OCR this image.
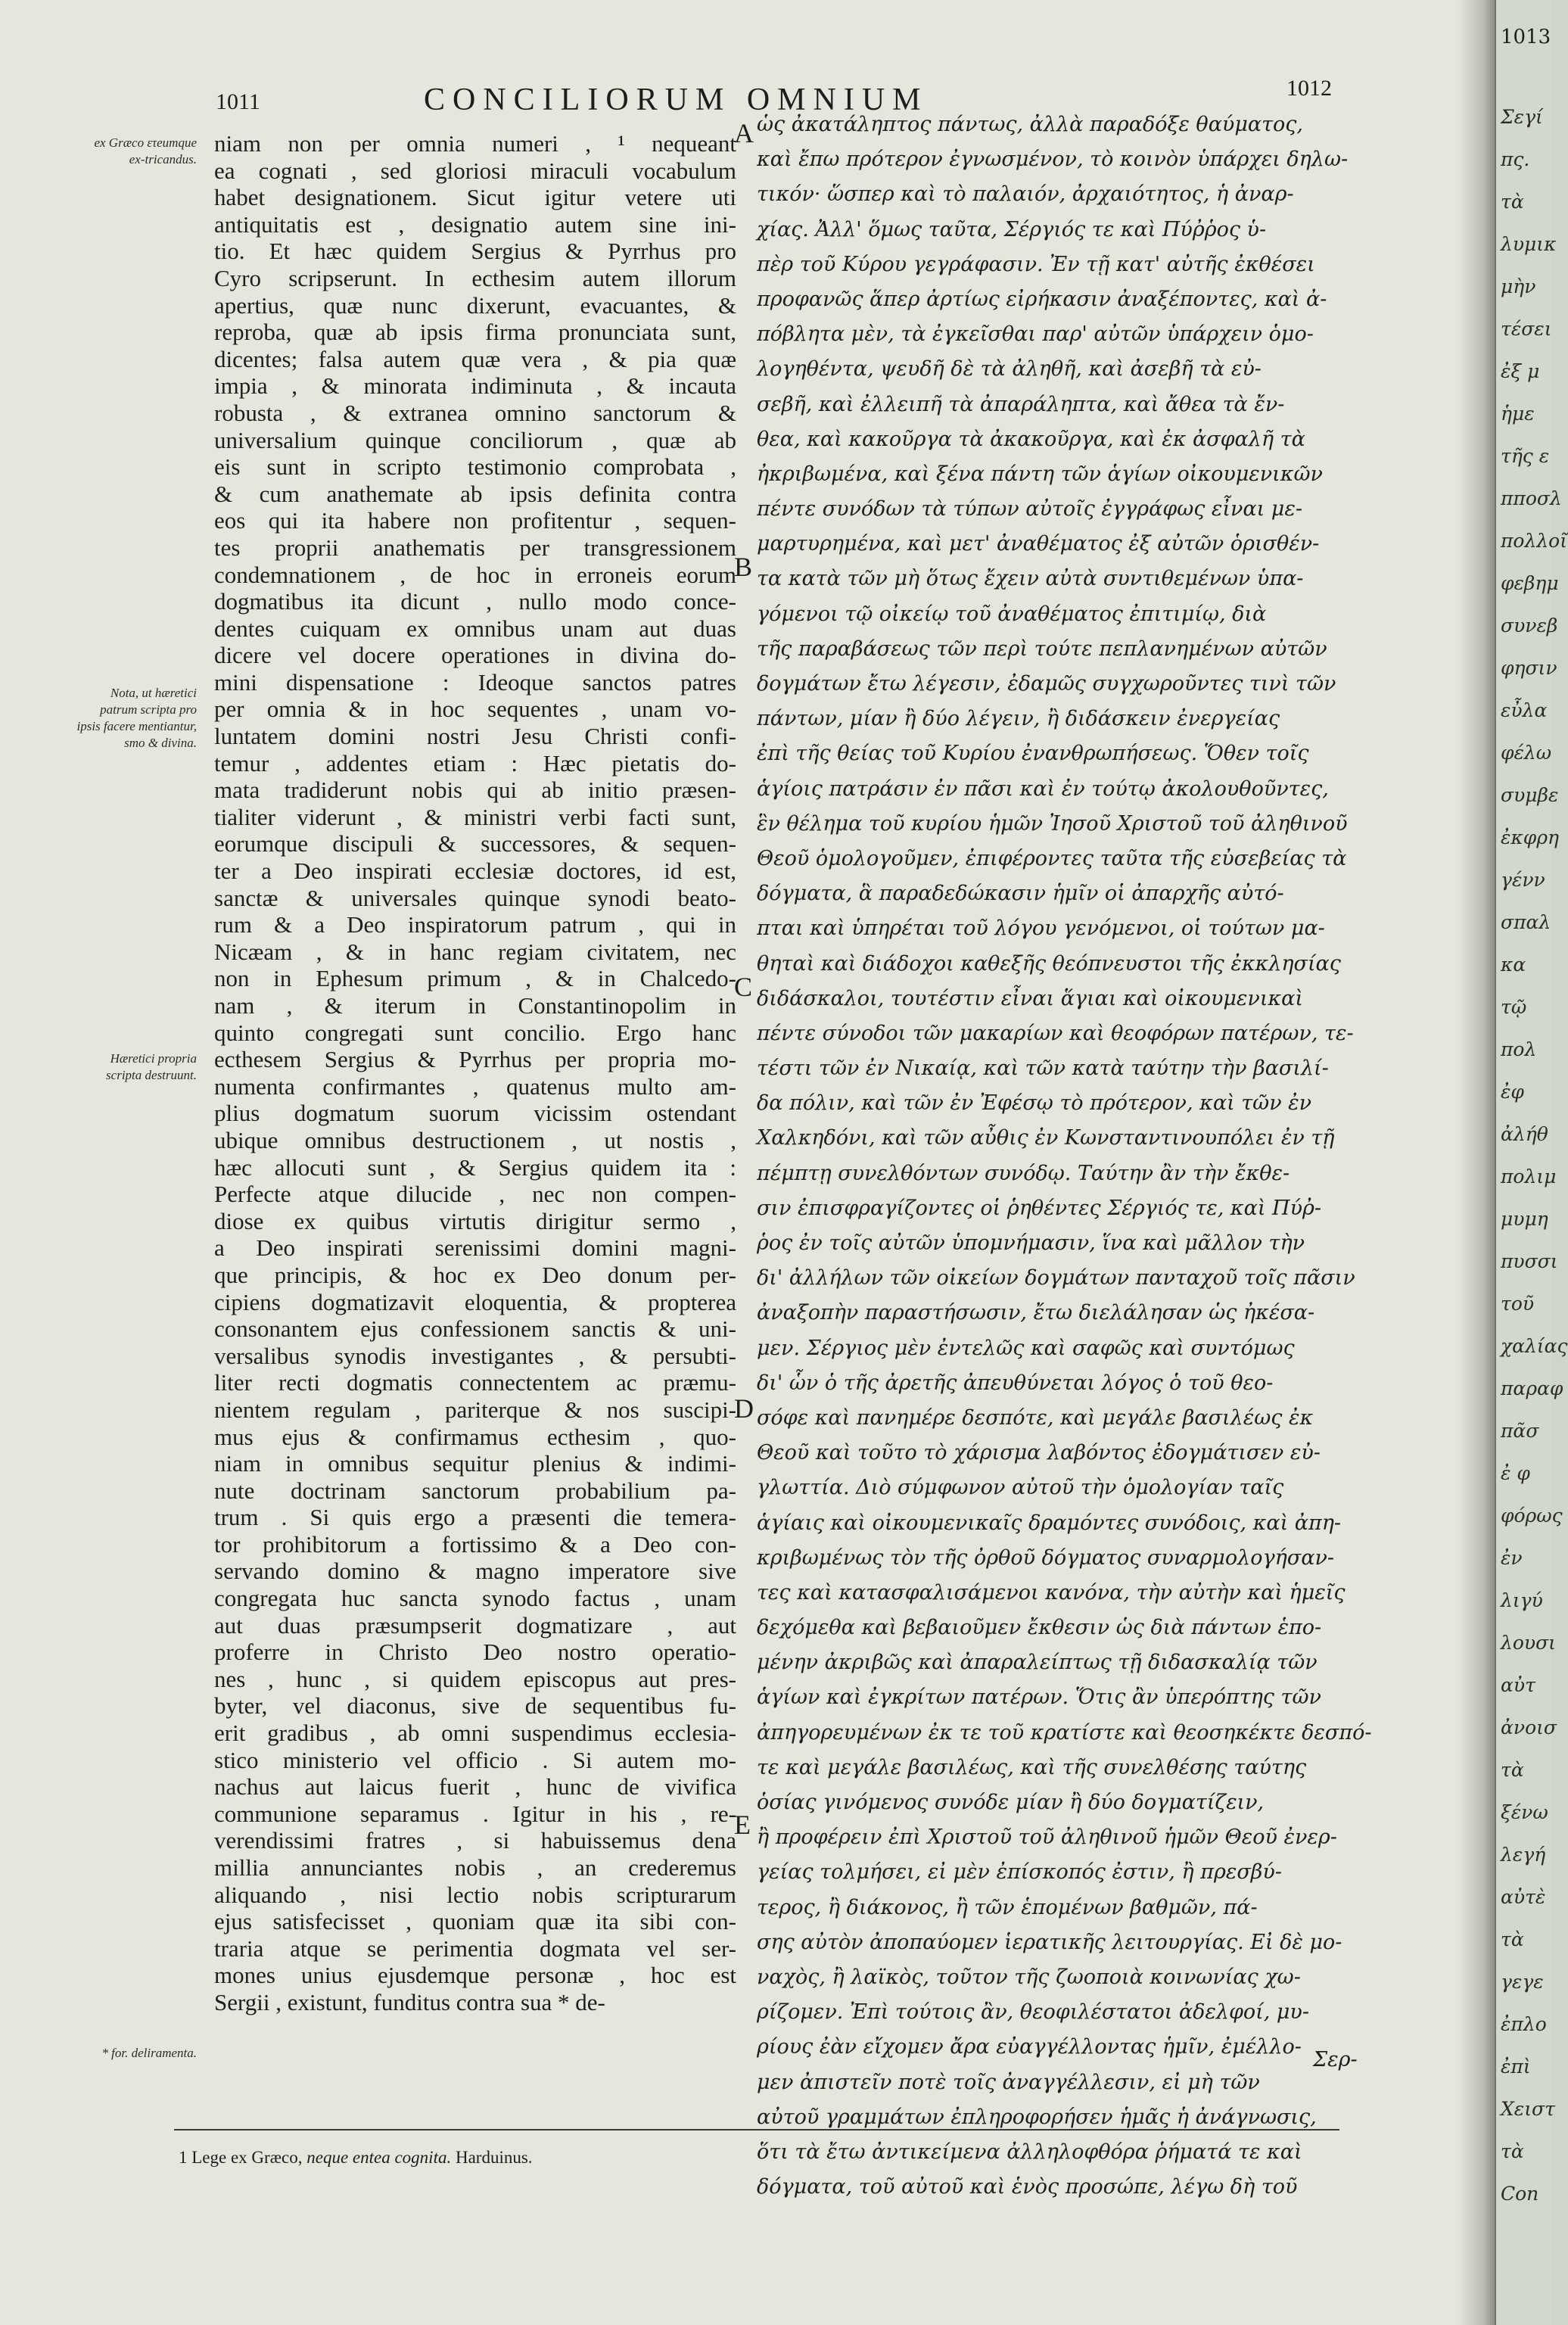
1013
Σεγί
πς.
τὰ
λυμικ
μὴν
τέσει
ἐξ μ
ἡμε
τῆς ε
πποσλ
πολλοῖ
φεβημ
συνεβ
φησιν
εὖλα
φέλω
συμβε
ἐκφρη
γένν
σπαλ
κα
τῷ
πολ
ἐφ
ἀλήθ
πολιμ
μυμη
πυσσι
τοῦ
χαλίας
παραφ
πᾶσ
ἐ φ
φόρως
ἐν
λιγύ
λουσι
αὐτ
ἀνοισ
τὰ
ξένω
λεγή
αὐτὲ
τὰ
γεγε
ἐπλο
ἐπὶ
Χειστ
τὰ
Con
1011	CONCILIORUM OMNIUM	1012
ex Græco ετeumque ex-tricandus.
Nota, ut hæretici patrum scripta pro ipsis facere mentiantur, smo & divina.
Hæretici propria scripta destruunt.
* for. deliramenta.
niam non per omnia numeri , ¹ nequeant
ea cognati , sed gloriosi miraculi vocabulum
habet designationem. Sicut igitur vetere uti
antiquitatis est , designatio autem sine ini-
tio. Et hæc quidem Sergius & Pyrrhus pro
Cyro scripserunt. In ecthesim autem illorum
apertius, quæ nunc dixerunt, evacuantes, &
reproba, quæ ab ipsis firma pronunciata sunt,
dicentes; falsa autem quæ vera , & pia quæ
impia , & minorata indiminuta , & incauta
robusta , & extranea omnino sanctorum &
universalium quinque conciliorum , quæ ab
eis sunt in scripto testimonio comprobata ,
& cum anathemate ab ipsis definita contra
eos qui ita habere non profitentur , sequen-
tes proprii anathematis per transgressionem
condemnationem , de hoc in erroneis eorum
dogmatibus ita dicunt , nullo modo conce-
dentes cuiquam ex omnibus unam aut duas
dicere vel docere operationes in divina do-
mini dispensatione : Ideoque sanctos patres
per omnia & in hoc sequentes , unam vo-
luntatem domini nostri Jesu Christi confi-
temur , addentes etiam : Hæc pietatis do-
mata tradiderunt nobis qui ab initio præsen-
tialiter viderunt , & ministri verbi facti sunt,
eorumque discipuli & successores, & sequen-
ter a Deo inspirati ecclesiæ doctores, id est,
sanctæ & universales quinque synodi beato-
rum & a Deo inspiratorum patrum , qui in
Nicæam , & in hanc regiam civitatem, nec
non in Ephesum primum , & in Chalcedo-
nam , & iterum in Constantinopolim in
quinto congregati sunt concilio. Ergo hanc
ecthesem Sergius & Pyrrhus per propria mo-
numenta confirmantes , quatenus multo am-
plius dogmatum suorum vicissim ostendant
ubique omnibus destructionem , ut nostis ,
hæc allocuti sunt , & Sergius quidem ita :
Perfecte atque dilucide , nec non compen-
diose ex quibus virtutis dirigitur sermo ,
a Deo inspirati serenissimi domini magni-
que principis, & hoc ex Deo donum per-
cipiens dogmatizavit eloquentia, & propterea
consonantem ejus confessionem sanctis & uni-
versalibus synodis investigantes , & persubti-
liter recti dogmatis connectentem ac præmu-
nientem regulam , pariterque & nos suscipi-
mus ejus & confirmamus ecthesim , quo-
niam in omnibus sequitur plenius & indimi-
nute doctrinam sanctorum probabilium pa-
trum . Si quis ergo a præsenti die temera-
tor prohibitorum a fortissimo & a Deo con-
servando domino & magno imperatore sive
congregata huc sancta synodo factus , unam
aut duas præsumpserit dogmatizare , aut
proferre in Christo Deo nostro operatio-
nes , hunc , si quidem episcopus aut pres-
byter, vel diaconus, sive de sequentibus fu-
erit gradibus , ab omni suspendimus ecclesia-
stico ministerio vel officio . Si autem mo-
nachus aut laicus fuerit , hunc de vivifica
communione separamus . Igitur in his , re-
verendissimi fratres , si habuissemus dena
millia annunciantes nobis , an crederemus
aliquando , nisi lectio nobis scripturarum
ejus satisfecisset , quoniam quæ ita sibi con-
traria atque se perimentia dogmata vel ser-
mones unius ejusdemque personæ , hoc est
Sergii , existunt, funditus contra sua * de-
A
B
C
D
E
ὡς ἀκατάληπτος πάντως, ἀλλὰ παραδόξε θαύματος,
καὶ ἔπω πρότερον ἐγνωσμένον, τὸ κοινὸν ὑπάρχει δηλω-
τικόν· ὥσπερ καὶ τὸ παλαιόν, ἀρχαιότητος, ἡ ἀναρ-
χίας. Ἀλλ' ὅμως ταῦτα, Σέργιός τε καὶ Πύῤῥος ὑ-
πὲρ τοῦ Κύρου γεγράφασιν. Ἐν τῇ κατ' αὐτῆς ἐκθέσει
προφανῶς ἅπερ ἀρτίως εἰρήκασιν ἀναξέποντες, καὶ ἀ-
πόβλητα μὲν, τὰ ἐγκεῖσθαι παρ' αὐτῶν ὑπάρχειν ὁμο-
λογηθέντα, ψευδῆ δὲ τὰ ἀληθῆ, καὶ ἀσεβῆ τὰ εὐ-
σεβῆ, καὶ ἐλλειπῆ τὰ ἀπαράληπτα, καὶ ἄθεα τὰ ἔν-
θεα, καὶ κακοῦργα τὰ ἀκακοῦργα, καὶ ἐκ ἀσφαλῆ τὰ
ἠκριβωμένα, καὶ ξένα πάντη τῶν ἁγίων οἰκουμενικῶν
πέντε συνόδων τὰ τύπων αὐτοῖς ἐγγράφως εἶναι με-
μαρτυρημένα, καὶ μετ' ἀναθέματος ἐξ αὐτῶν ὁρισθέν-
τα κατὰ τῶν μὴ ὅτως ἔχειν αὐτὰ συντιθεμένων ὑπα-
γόμενοι τῷ οἰκείῳ τοῦ ἀναθέματος ἐπιτιμίῳ, διὰ
τῆς παραβάσεως τῶν περὶ τούτε πεπλανημένων αὐτῶν
δογμάτων ἔτω λέγεσιν, ἐδαμῶς συγχωροῦντες τινὶ τῶν
πάντων, μίαν ἢ δύο λέγειν, ἢ διδάσκειν ἐνεργείας
ἐπὶ τῆς θείας τοῦ Κυρίου ἐνανθρωπήσεως. Ὅθεν τοῖς
ἁγίοις πατράσιν ἐν πᾶσι καὶ ἐν τούτῳ ἀκολουθοῦντες,
ἓν θέλημα τοῦ κυρίου ἡμῶν Ἰησοῦ Χριστοῦ τοῦ ἀληθινοῦ
Θεοῦ ὁμολογοῦμεν, ἐπιφέροντες ταῦτα τῆς εὐσεβείας τὰ
δόγματα, ἃ παραδεδώκασιν ἡμῖν οἱ ἀπαρχῆς αὐτό-
πται καὶ ὑπηρέται τοῦ λόγου γενόμενοι, οἱ τούτων μα-
θηταὶ καὶ διάδοχοι καθεξῆς θεόπνευστοι τῆς ἐκκλησίας
διδάσκαλοι, τουτέστιν εἶναι ἅγιαι καὶ οἰκουμενικαὶ
πέντε σύνοδοι τῶν μακαρίων καὶ θεοφόρων πατέρων, τε-
τέστι τῶν ἐν Νικαίᾳ, καὶ τῶν κατὰ ταύτην τὴν βασιλί-
δα πόλιν, καὶ τῶν ἐν Ἐφέσῳ τὸ πρότερον, καὶ τῶν ἐν
Χαλκηδόνι, καὶ τῶν αὖθις ἐν Κωνσταντινουπόλει ἐν τῇ
πέμπτῃ συνελθόντων συνόδῳ. Ταύτην ἂν τὴν ἔκθε-
σιν ἐπισφραγίζοντες οἱ ῥηθέντες Σέργιός τε, καὶ Πύῤ-
ῥος ἐν τοῖς αὐτῶν ὑπομνήμασιν, ἵνα καὶ μᾶλλον τὴν
δι' ἀλλήλων τῶν οἰκείων δογμάτων πανταχοῦ τοῖς πᾶσιν
ἀναξοπὴν παραστήσωσιν, ἔτω διελάλησαν ὡς ἠκέσα-
μεν. Σέργιος μὲν ἐντελῶς καὶ σαφῶς καὶ συντόμως
δι' ὧν ὁ τῆς ἀρετῆς ἀπευθύνεται λόγος ὁ τοῦ θεο-
σόφε καὶ πανημέρε δεσπότε, καὶ μεγάλε βασιλέως ἐκ
Θεοῦ καὶ τοῦτο τὸ χάρισμα λαβόντος ἐδογμάτισεν εὐ-
γλωττία. Διὸ σύμφωνον αὐτοῦ τὴν ὁμολογίαν ταῖς
ἁγίαις καὶ οἰκουμενικαῖς δραμόντες συνόδοις, καὶ ἀπη-
κριβωμένως τὸν τῆς ὀρθοῦ δόγματος συναρμολογήσαν-
τες καὶ κατασφαλισάμενοι κανόνα, τὴν αὐτὴν καὶ ἡμεῖς
δεχόμεθα καὶ βεβαιοῦμεν ἔκθεσιν ὡς διὰ πάντων ἑπο-
μένην ἀκριβῶς καὶ ἀπαραλείπτως τῇ διδασκαλίᾳ τῶν
ἁγίων καὶ ἐγκρίτων πατέρων. Ὅτις ἂν ὑπερόπτης τῶν
ἀπηγορευμένων ἐκ τε τοῦ κρατίστε καὶ θεοσηκέκτε δεσπό-
τε καὶ μεγάλε βασιλέως, καὶ τῆς συνελθέσης ταύτης
ὁσίας γινόμενος συνόδε μίαν ἢ δύο δογματίζειν,
ἢ προφέρειν ἐπὶ Χριστοῦ τοῦ ἀληθινοῦ ἡμῶν Θεοῦ ἐνερ-
γείας τολμήσει, εἰ μὲν ἐπίσκοπός ἐστιν, ἢ πρεσβύ-
τερος, ἢ διάκονος, ἢ τῶν ἑπομένων βαθμῶν, πά-
σης αὐτὸν ἀποπαύομεν ἱερατικῆς λειτουργίας. Εἰ δὲ μο-
ναχὸς, ἢ λαϊκὸς, τοῦτον τῆς ζωοποιὰ κοινωνίας χω-
ρίζομεν. Ἐπὶ τούτοις ἂν, θεοφιλέστατοι ἀδελφοί, μυ-
ρίους ἐὰν εἴχομεν ἄρα εὐαγγέλλοντας ἡμῖν, ἐμέλλο-
μεν ἀπιστεῖν ποτὲ τοῖς ἀναγγέλλεσιν, εἰ μὴ τῶν
αὐτοῦ γραμμάτων ἐπληροφορήσεν ἡμᾶς ἡ ἀνάγνωσις,
ὅτι τὰ ἔτω ἀντικείμενα ἀλληλοφθόρα ῥήματά τε καὶ
δόγματα, τοῦ αὐτοῦ καὶ ἑνὸς προσώπε, λέγω δὴ τοῦ
Σερ-
1 Lege ex Græco, neque entea cognita. Harduinus.
